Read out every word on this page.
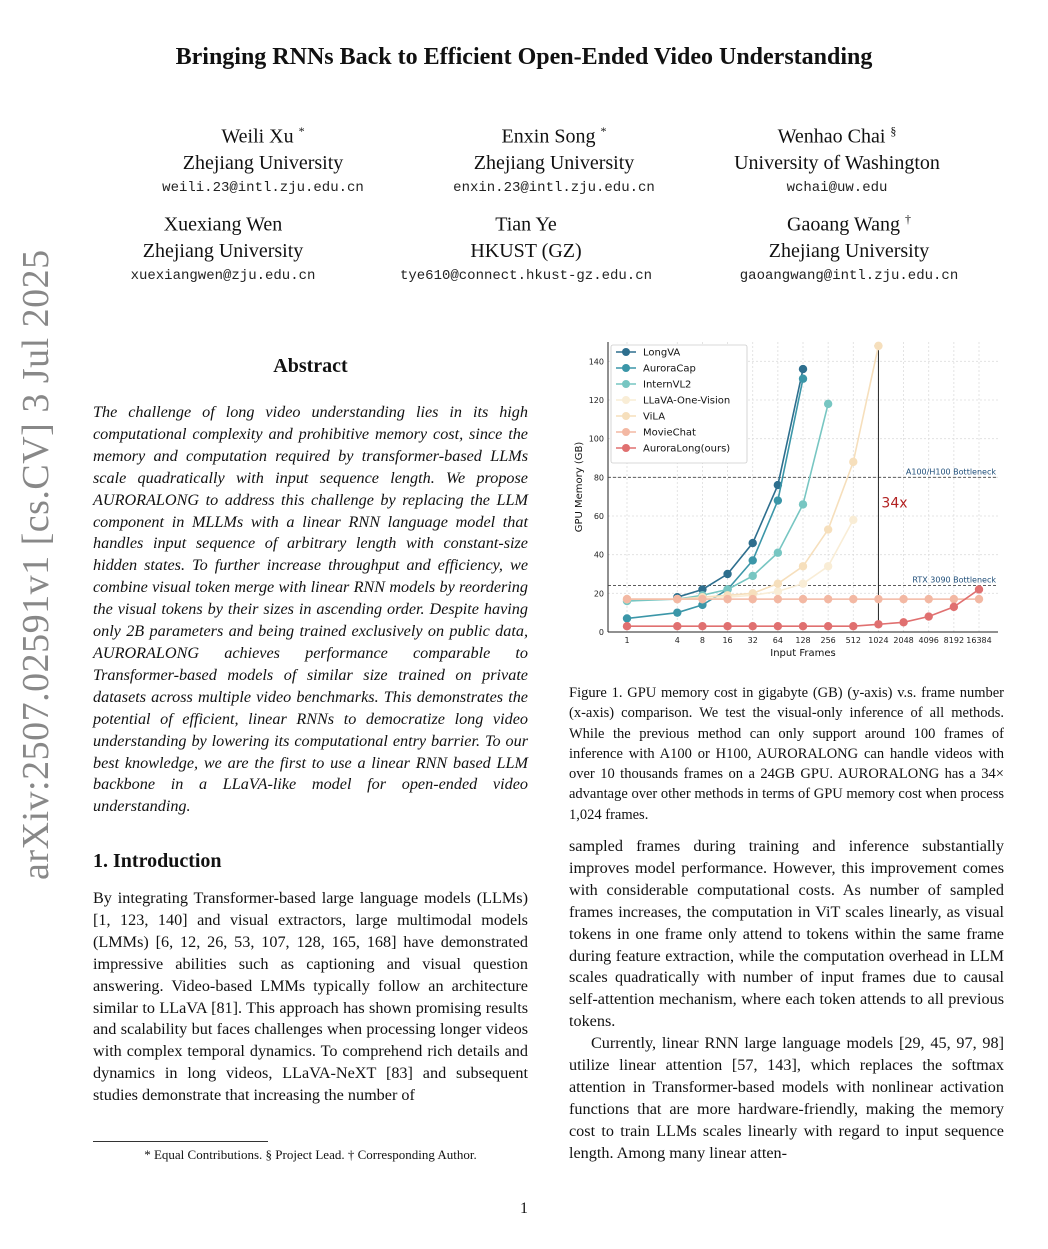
Bringing RNNs Back to Efficient Open-Ended Video Understanding
Weili Xu *
Zhejiang University
weili.23@intl.zju.edu.cn
Enxin Song *
Zhejiang University
enxin.23@intl.zju.edu.cn
Wenhao Chai §
University of Washington
wchai@uw.edu
Xuexiang Wen
Zhejiang University
xuexiangwen@zju.edu.cn
Tian Ye
HKUST (GZ)
tye610@connect.hkust-gz.edu.cn
Gaoang Wang †
Zhejiang University
gaoangwang@intl.zju.edu.cn
arXiv:2507.02591v1 [cs.CV] 3 Jul 2025	Abstract
The challenge of long video understanding lies in its high computational complexity and prohibitive memory cost, since the memory and computation required by transformer-based LLMs scale quadratically with input sequence length. We propose AURORALONG to address this challenge by replacing the LLM component in MLLMs with a linear RNN language model that handles input sequence of arbitrary length with constant-size hidden states. To further increase throughput and efficiency, we combine visual token merge with linear RNN models by reordering the visual tokens by their sizes in ascending order. Despite having only 2B parameters and being trained exclusively on public data, AURORALONG achieves performance comparable to Transformer-based models of similar size trained on private datasets across multiple video benchmarks. This demonstrates the potential of efficient, linear RNNs to democratize long video understanding by lowering its computational entry barrier. To our best knowledge, we are the first to use a linear RNN based LLM backbone in a LLaVA-like model for open-ended video understanding.
1. Introduction
By integrating Transformer-based large language models (LLMs) [1, 123, 140] and visual extractors, large multimodal models (LMMs) [6, 12, 26, 53, 107, 128, 165, 168] have demonstrated impressive abilities such as captioning and visual question answering. Video-based LMMs typically follow an architecture similar to LLaVA [81]. This approach has shown promising results and scalability but faces challenges when processing longer videos with complex temporal dynamics. To comprehend rich details and dynamics in long videos, LLaVA-NeXT [83] and subsequent studies demonstrate that increasing the number of
* Equal Contributions. § Project Lead. † Corresponding Author.
0
20
40
60
80
100
120
140
1	4	8 16 32 64 128 256 512 1024 2048 4096 8192 16384
Input Frames
GPU Memory (GB)	A100/H100 Bottleneck
RTX 3090 Bottleneck
34x
LongVA
AuroraCap
InternVL2
LLaVA-One-Vision
ViLA
MovieChat
AuroraLong(ours)
Figure 1. GPU memory cost in gigabyte (GB) (y-axis) v.s. frame number (x-axis) comparison. We test the visual-only inference of all methods. While the previous method can only support around 100 frames of inference with A100 or H100, AURORALONG can handle videos with over 10 thousands frames on a 24GB GPU. AURORALONG has a 34× advantage over other methods in terms of GPU memory cost when process 1,024 frames.

sampled frames during training and inference substantially improves model performance. However, this improvement comes with considerable computational costs. As number of sampled frames increases, the computation in ViT scales linearly, as visual tokens in one frame only attend to tokens within the same frame during feature extraction, while the computation overhead in LLM scales quadratically with number of input frames due to causal self-attention mechanism, where each token attends to all previous tokens.

Currently, linear RNN large language models [29, 45, 97, 98] utilize linear attention [57, 143], which replaces the softmax attention in Transformer-based models with nonlinear activation functions that are more hardware-friendly, making the memory cost to train LLMs scales linearly with regard to input sequence length. Among many linear atten-

1
